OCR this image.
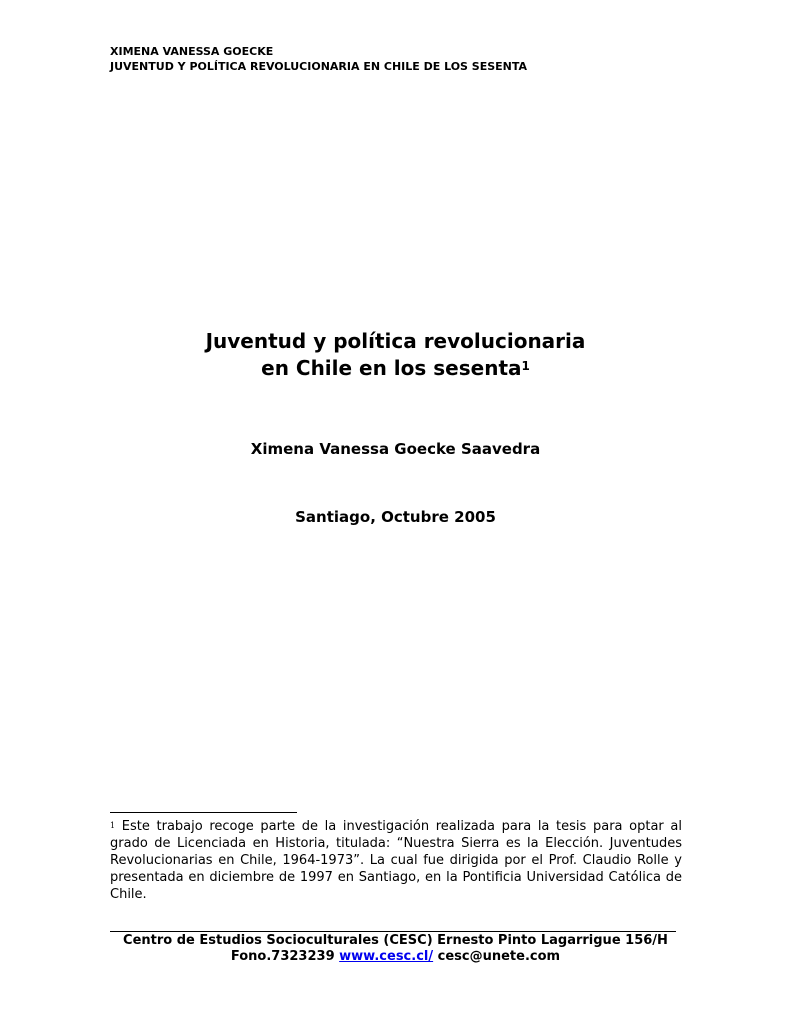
XIMENA VANESSA GOECKE
JUVENTUD Y POLÍTICA REVOLUCIONARIA EN CHILE DE LOS SESENTA

Juventud y política revolucionaria

en Chile en los sesenta$^1$

Ximena Vanessa Goecke Saavedra
Santiago, Octubre 2005
$^1$ Este trabajo recoge parte de la investigación realizada para la tesis para optar al grado de Licenciada en Historia, titulada: “Nuestra Sierra es la Elección. Juventudes Revolucionarias en Chile, 1964-1973”. La cual fue dirigida por el Prof. Claudio Rolle y presentada en diciembre de 1997 en Santiago, en la Pontificia Universidad Católica de Chile.
Centro de Estudios Socioculturales (CESC) Ernesto Pinto Lagarrigue 156/H
Fono.7323239 www.cesc.cl/ cesc@unete.com
